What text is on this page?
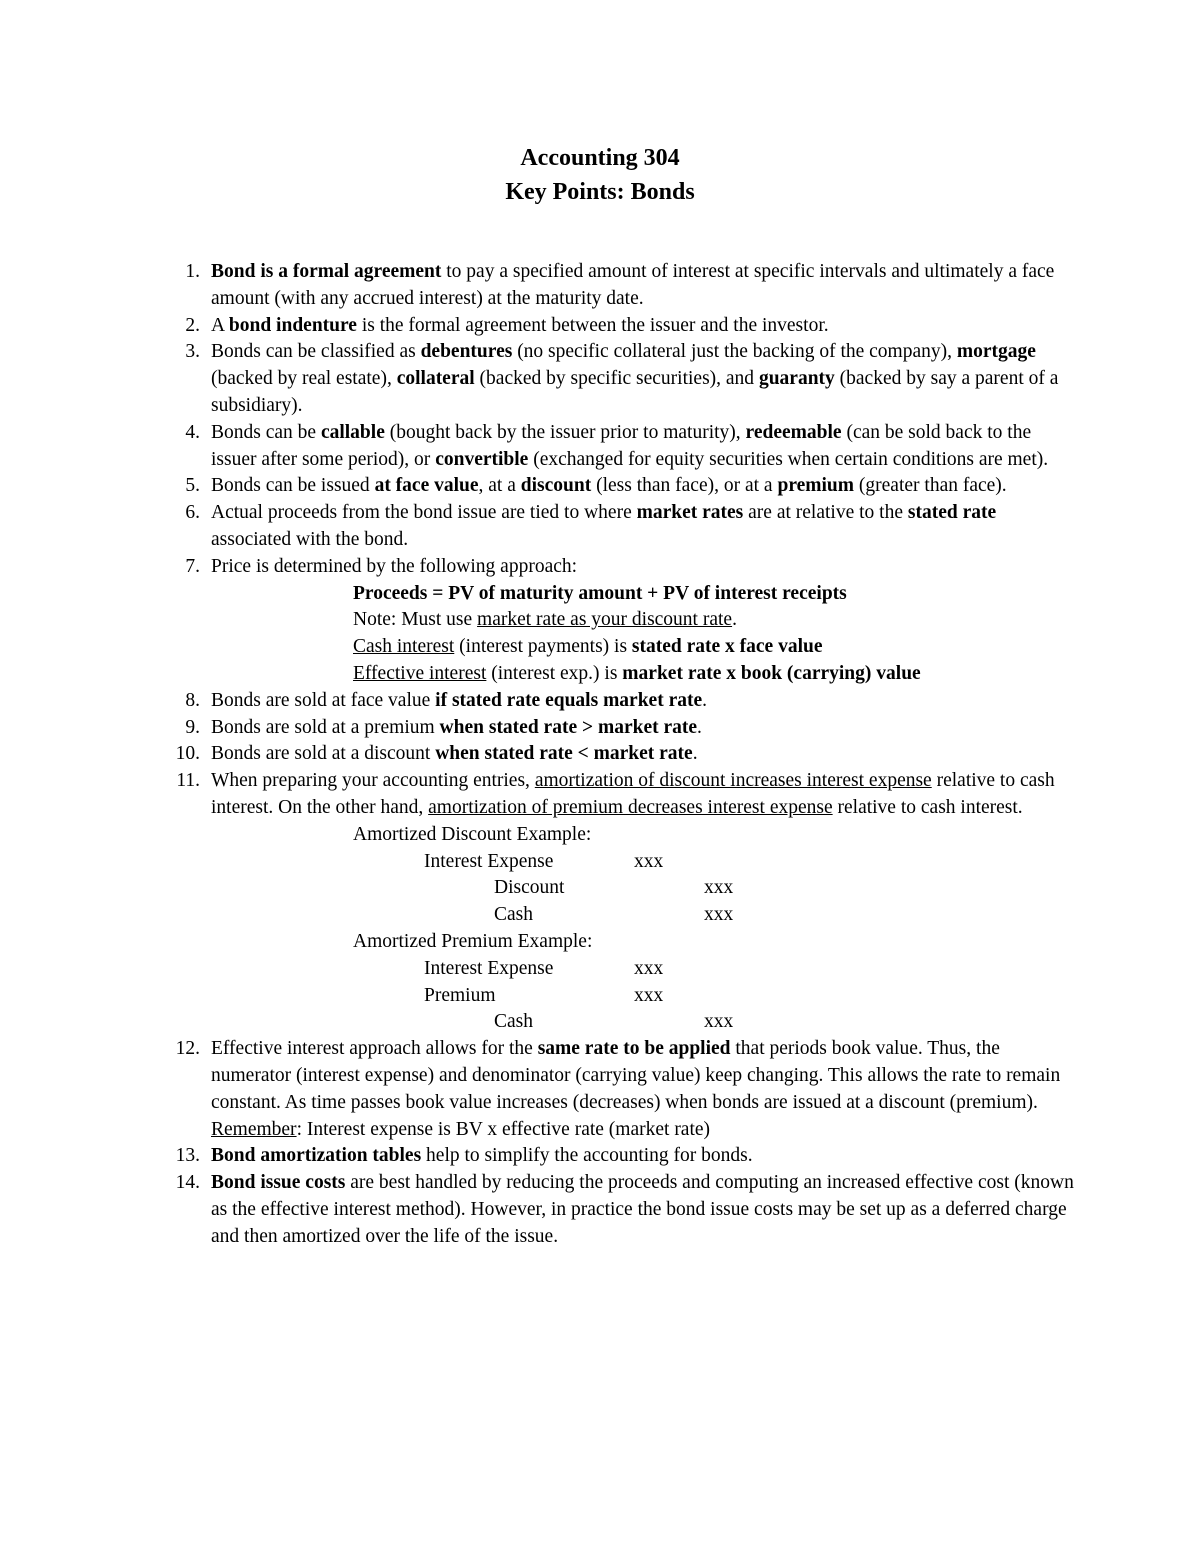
Accounting 304
Key Points: Bonds
1. Bond is a formal agreement to pay a specified amount of interest at specific intervals and ultimately a face amount (with any accrued interest) at the maturity date.
2. A bond indenture is the formal agreement between the issuer and the investor.
3. Bonds can be classified as debentures (no specific collateral just the backing of the company), mortgage (backed by real estate), collateral (backed by specific securities), and guaranty (backed by say a parent of a subsidiary).
4. Bonds can be callable (bought back by the issuer prior to maturity), redeemable (can be sold back to the issuer after some period), or convertible (exchanged for equity securities when certain conditions are met).
5. Bonds can be issued at face value, at a discount (less than face), or at a premium (greater than face).
6. Actual proceeds from the bond issue are tied to where market rates are at relative to the stated rate associated with the bond.
7. Price is determined by the following approach:
Proceeds = PV of maturity amount + PV of interest receipts
Note: Must use market rate as your discount rate.
Cash interest (interest payments) is stated rate x face value
Effective interest (interest exp.) is market rate x book (carrying) value
8. Bonds are sold at face value if stated rate equals market rate.
9. Bonds are sold at a premium when stated rate > market rate.
10. Bonds are sold at a discount when stated rate < market rate.
11. When preparing your accounting entries, amortization of discount increases interest expense relative to cash interest. On the other hand, amortization of premium decreases interest expense relative to cash interest.
Amortized Discount Example:
Interest Expense	xxx
Discount	xxx
Cash	xxx
Amortized Premium Example:
Interest Expense	xxx
Premium	xxx
Cash	xxx
12. Effective interest approach allows for the same rate to be applied that periods book value. Thus, the numerator (interest expense) and denominator (carrying value) keep changing. This allows the rate to remain constant. As time passes book value increases (decreases) when bonds are issued at a discount (premium). Remember: Interest expense is BV x effective rate (market rate)
13. Bond amortization tables help to simplify the accounting for bonds.
14. Bond issue costs are best handled by reducing the proceeds and computing an increased effective cost (known as the effective interest method). However, in practice the bond issue costs may be set up as a deferred charge and then amortized over the life of the issue.
